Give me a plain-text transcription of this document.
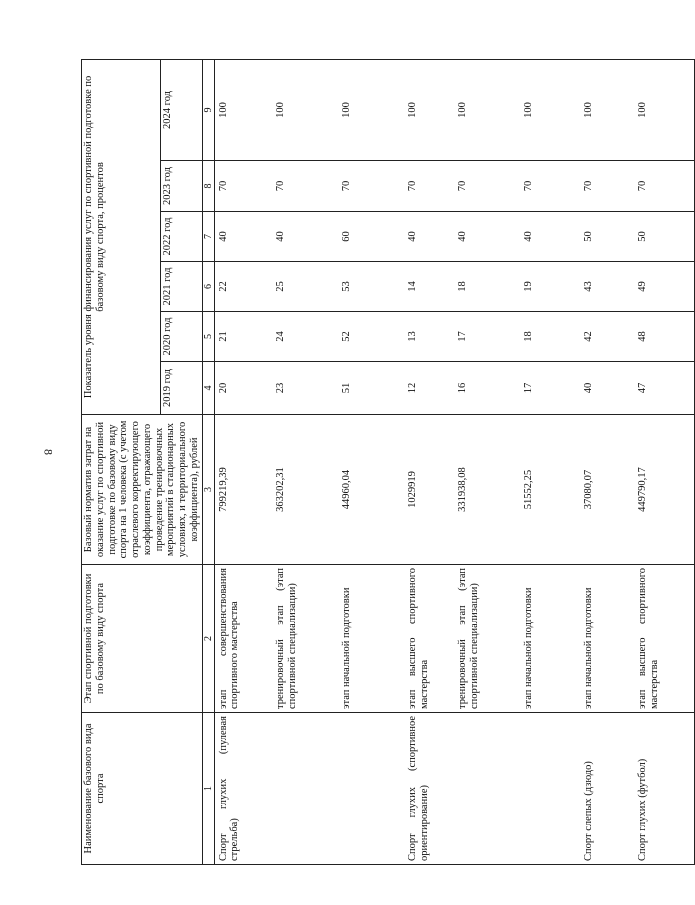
8
Наименование базового вида спорта	Этап спортивной подготовки по базовому виду спорта	Базовый норматив затрат на оказание услуг по спортивной подготовке по базовому виду спорта на 1 человека (с учетом отраслевого корректирующего коэффициента, отражающего проведение тренировочных мероприятий в стационарных условиях, и территориального коэффициента), рублей	Показатель уровня финансирования услуг по спортивной подготовке по базовому виду спорта, процентов					
			2019 год	2020 год	2021 год	2022 год	2023 год	2024 год
1	2	3	4	5	6	7	8	9
Спорт глухих (пулевая стрельба)	этап совершенствования спортивного мастерства	799219,39	20	21	22	40	70	100
	тренировочный этап (этап спортивной специализации)	363202,31	23	24	25	40	70	100
	этап начальной подготовки	44960,04	51	52	53	60	70	100
Спорт глухих (спортивное ориентирование)	этап высшего спортивного мастерства	1029919	12	13	14	40	70	100
	тренировочный этап (этап спортивной специализации)	331938,08	16	17	18	40	70	100
	этап начальной подготовки	51552,25	17	18	19	40	70	100
Спорт слепых (дзюдо)	этап начальной подготовки	37080,07	40	42	43	50	70	100
Спорт глухих (футбол)	этап высшего спортивного мастерства	449790,17	47	48	49	50	70	100
